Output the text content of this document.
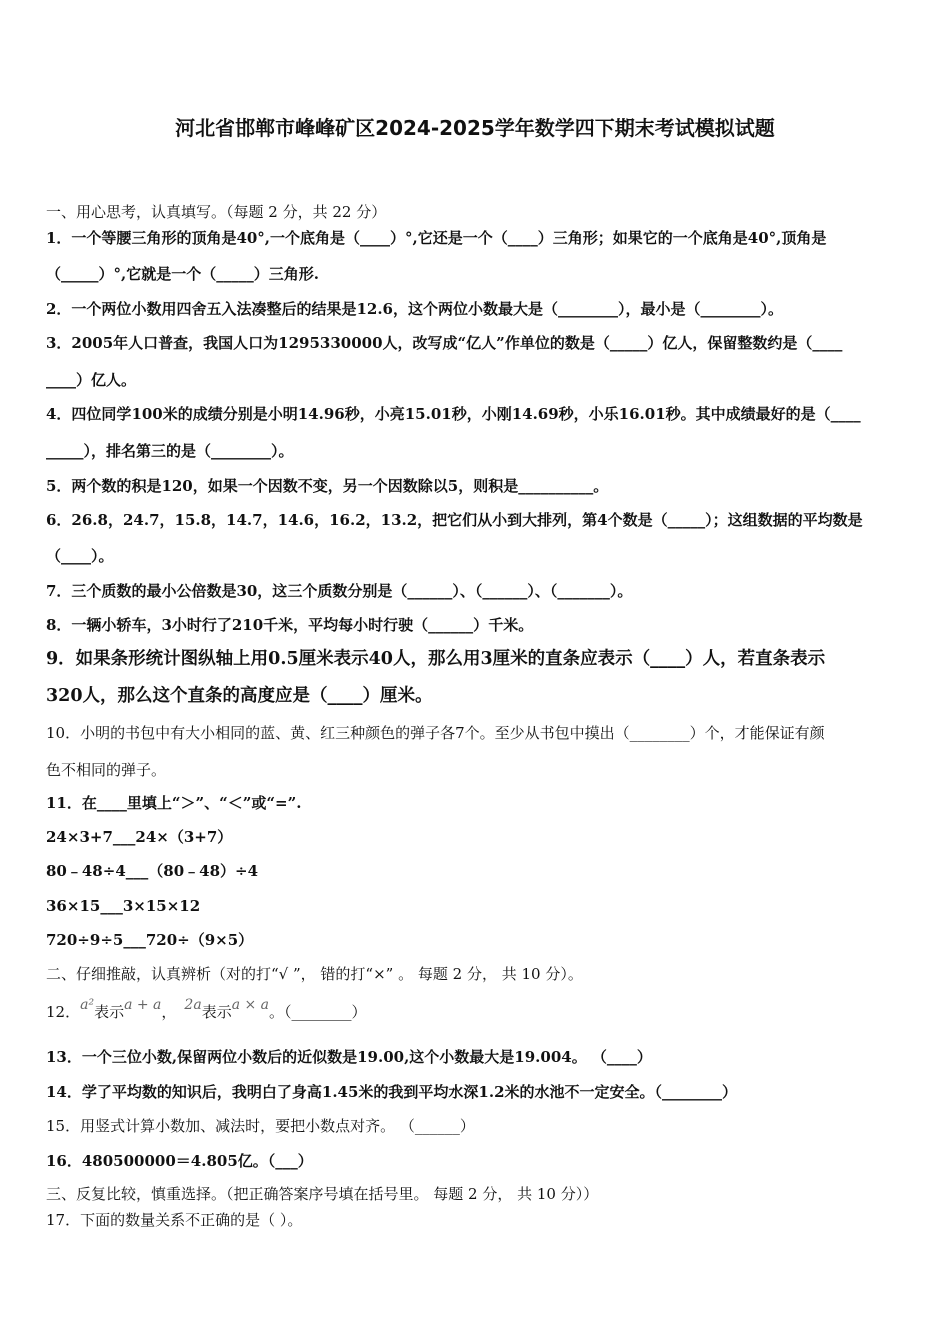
河北省邯郸市峰峰矿区2024-2025学年数学四下期末考试模拟试题
一、用心思考，认真填写。（每题 2 分，共 22 分）
1．一个等腰三角形的顶角是40°,一个底角是（____）°,它还是一个（____）三角形；如果它的一个底角是40°,顶角是
（_____）°,它就是一个（_____）三角形.
2．一个两位小数用四舍五入法凑整后的结果是12.6，这个两位小数最大是（________），最小是（________）。
3．2005年人口普查，我国人口为1295330000人，改写成“亿人”作单位的数是（_____）亿人，保留整数约是（____
____）亿人。
4．四位同学100米的成绩分别是小明14.96秒，小亮15.01秒，小刚14.69秒，小乐16.01秒。其中成绩最好的是（____
_____），排名第三的是（________）。
5．两个数的积是120，如果一个因数不变，另一个因数除以5，则积是__________。
6．26.8，24.7，15.8，14.7，14.6，16.2，13.2，把它们从小到大排列，第4个数是（_____）；这组数据的平均数是
（____）。
7．三个质数的最小公倍数是30，这三个质数分别是（______）、（______）、（_______）。
8．一辆小轿车，3小时行了210千米，平均每小时行驶（______）千米。
9．如果条形统计图纵轴上用0.5厘米表示40人，那么用3厘米的直条应表示（____）人，若直条表示
320人，那么这个直条的高度应是（____）厘米。
10．小明的书包中有大小相同的蓝、黄、红三种颜色的弹子各7个。至少从书包中摸出（________）个，才能保证有颜
色不相同的弹子。
11．在____里填上“＞”、“＜”或“=”.
24×3+7___24×（3+7）
80﹣48÷4___（80﹣48）÷4
36×15___3×15×12
720÷9÷5___720÷（9×5）
二、仔细推敲，认真辨析（对的打“√ ”， 错的打“×” 。 每题 2 分， 共 10 分）。
12．a²表示a + a， 2a表示a × a。（________）
13．一个三位小数,保留两位小数后的近似数是19.00,这个小数最大是19.004。 （____）
14．学了平均数的知识后，我明白了身高1.45米的我到平均水深1.2米的水池不一定安全。（________）
15．用竖式计算小数加、减法时，要把小数点对齐。 （______）
16．480500000＝4.805亿。（___）
三、反复比较，慎重选择。（把正确答案序号填在括号里。 每题 2 分， 共 10 分））
17．下面的数量关系不正确的是（ ）。
